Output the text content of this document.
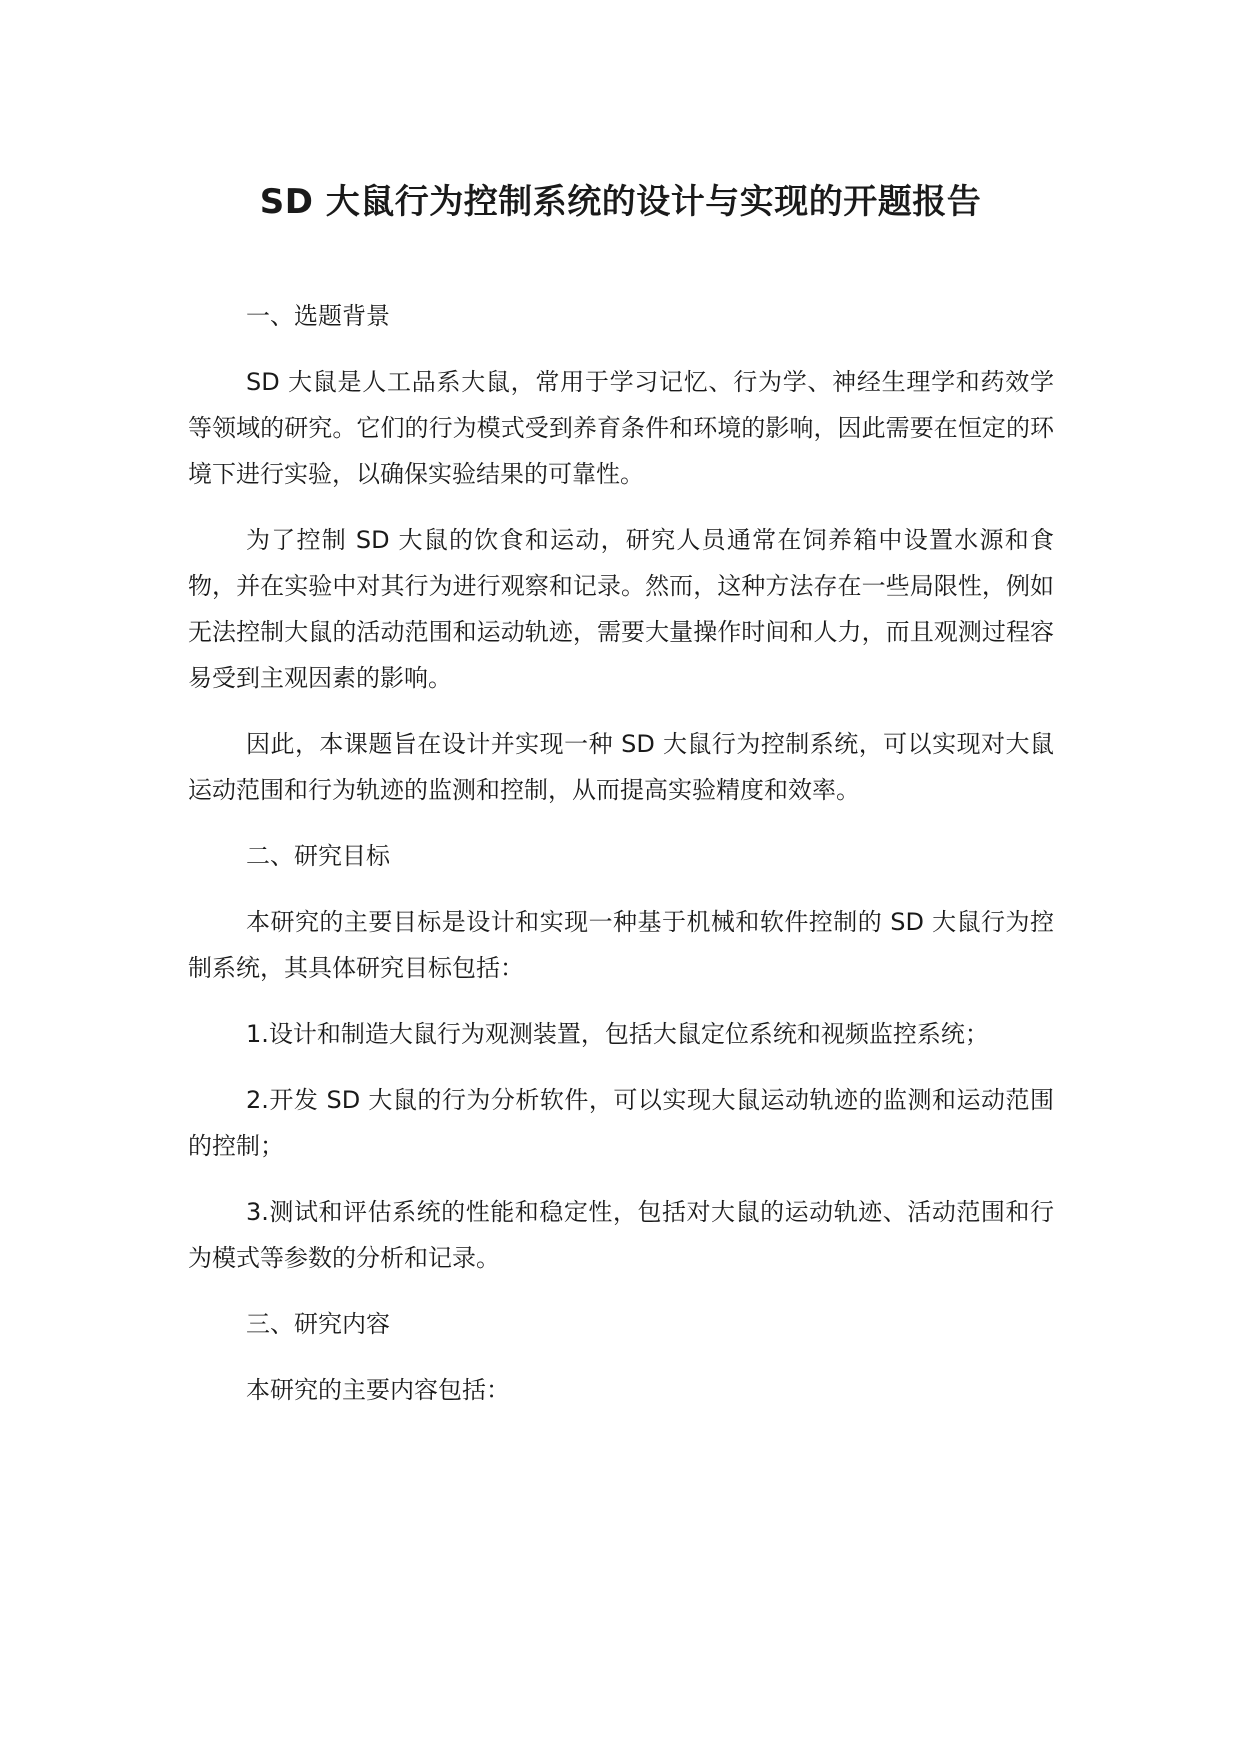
SD 大鼠行为控制系统的设计与实现的开题报告

一、选题背景

SD 大鼠是人工品系大鼠，常用于学习记忆、行为学、神经生理学和药效学等领域的研究。它们的行为模式受到养育条件和环境的影响，因此需要在恒定的环境下进行实验，以确保实验结果的可靠性。

为了控制 SD 大鼠的饮食和运动，研究人员通常在饲养箱中设置水源和食物，并在实验中对其行为进行观察和记录。然而，这种方法存在一些局限性，例如无法控制大鼠的活动范围和运动轨迹，需要大量操作时间和人力，而且观测过程容易受到主观因素的影响。

因此，本课题旨在设计并实现一种 SD 大鼠行为控制系统，可以实现对大鼠运动范围和行为轨迹的监测和控制，从而提高实验精度和效率。

二、研究目标

本研究的主要目标是设计和实现一种基于机械和软件控制的 SD 大鼠行为控制系统，其具体研究目标包括：

1.设计和制造大鼠行为观测装置，包括大鼠定位系统和视频监控系统；

2.开发 SD 大鼠的行为分析软件，可以实现大鼠运动轨迹的监测和运动范围的控制；

3.测试和评估系统的性能和稳定性，包括对大鼠的运动轨迹、活动范围和行为模式等参数的分析和记录。

三、研究内容

本研究的主要内容包括：
